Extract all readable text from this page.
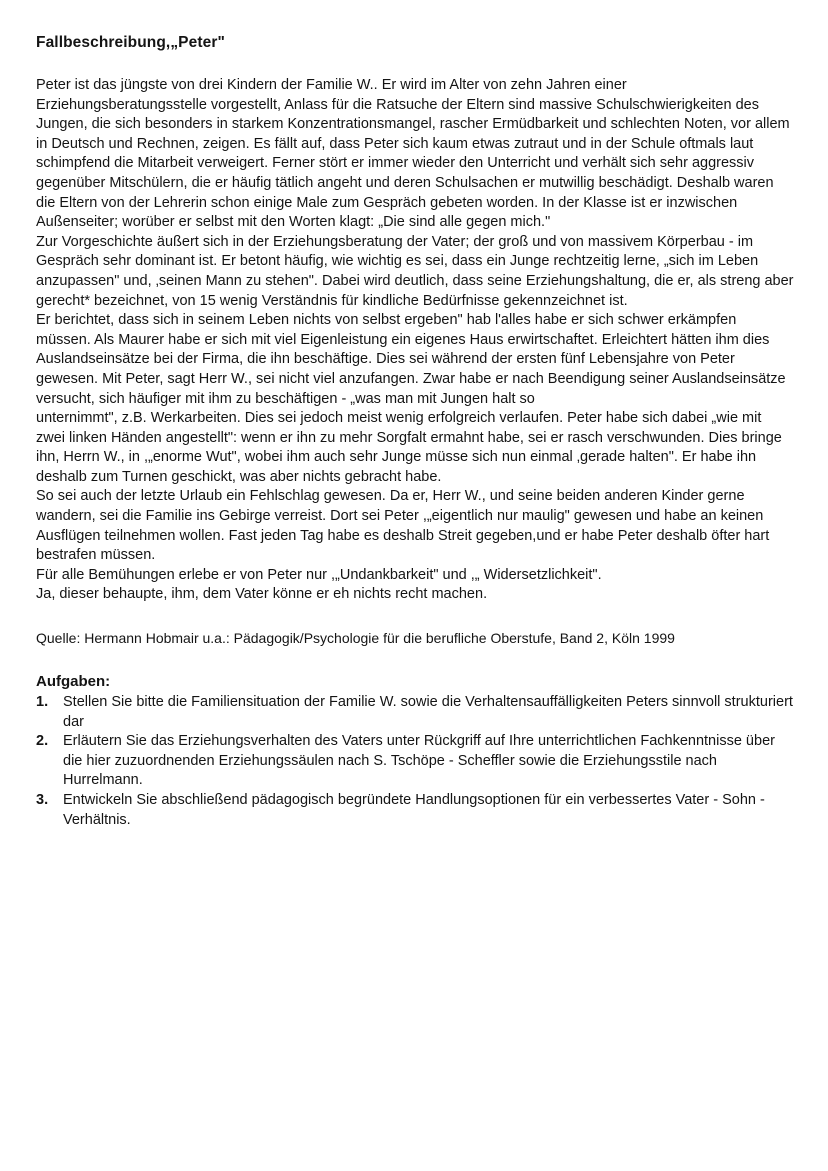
Fallbeschreibung,„Peter"

Peter ist das jüngste von drei Kindern der Familie W.. Er wird im Alter von zehn Jahren einer Erziehungsberatungsstelle vorgestellt, Anlass für die Ratsuche der Eltern sind massive Schulschwierigkeiten des Jungen, die sich besonders in starkem Konzentrationsmangel, rascher Ermüdbarkeit und schlechten Noten, vor allem in Deutsch und Rechnen, zeigen. Es fällt auf, dass Peter sich kaum etwas zutraut und in der Schule oftmals laut schimpfend die Mitarbeit verweigert. Ferner stört er immer wieder den Unterricht und verhält sich sehr aggressiv gegenüber Mitschülern, die er häufig tätlich angeht und deren Schulsachen er mutwillig beschädigt. Deshalb waren die Eltern von der Lehrerin schon einige Male zum Gespräch gebeten worden. In der Klasse ist er inzwischen Außenseiter; worüber er selbst mit den Worten klagt: „Die sind alle gegen mich."

Zur Vorgeschichte äußert sich in der Erziehungsberatung der Vater; der groß und von massivem Körperbau - im Gespräch sehr dominant ist. Er betont häufig, wie wichtig es sei, dass ein Junge rechtzeitig lerne, „sich im Leben anzupassen" und, ‚seinen Mann zu stehen". Dabei wird deutlich, dass seine Erziehungshaltung, die er, als streng aber gerecht* bezeichnet, von 15 wenig Verständnis für kindliche Bedürfnisse gekennzeichnet ist.

Er berichtet, dass sich in seinem Leben nichts von selbst ergeben" hab l'alles habe er sich schwer erkämpfen müssen. Als Maurer habe er sich mit viel Eigenleistung ein eigenes Haus erwirtschaftet. Erleichtert hätten ihm dies Auslandseinsätze bei der Firma, die ihn beschäftige. Dies sei während der ersten fünf Lebensjahre von Peter gewesen. Mit Peter, sagt Herr W., sei nicht viel anzufangen. Zwar habe er nach Beendigung seiner Auslandseinsätze versucht, sich häufiger mit ihm zu beschäftigen - „was man mit Jungen halt so

unternimmt", z.B. Werkarbeiten. Dies sei jedoch meist wenig erfolgreich verlaufen. Peter habe sich dabei „wie mit zwei linken Händen angestellt": wenn er ihn zu mehr Sorgfalt ermahnt habe, sei er rasch verschwunden. Dies bringe ihn, Herrn W., in ,„enorme Wut", wobei ihm auch sehr Junge müsse sich nun einmal ‚gerade halten". Er habe ihn deshalb zum Turnen geschickt, was aber nichts gebracht habe.

So sei auch der letzte Urlaub ein Fehlschlag gewesen. Da er, Herr W., und seine beiden anderen Kinder gerne wandern, sei die Familie ins Gebirge verreist. Dort sei Peter ,„eigentlich nur maulig" gewesen und habe an keinen Ausflügen teilnehmen wollen. Fast jeden Tag habe es deshalb Streit gegeben,und er habe Peter deshalb öfter hart bestrafen müssen.

Für alle Bemühungen erlebe er von Peter nur ,„Undankbarkeit" und ,„ Widersetzlichkeit".

Ja, dieser behaupte, ihm, dem Vater könne er eh nichts recht machen.

Quelle: Hermann Hobmair u.a.: Pädagogik/Psychologie für die berufliche Oberstufe, Band 2, Köln 1999

Aufgaben:
1.	Stellen Sie bitte die Familiensituation der Familie W. sowie die Verhaltensauffälligkeiten Peters sinnvoll strukturiert dar
2.	Erläutern Sie das Erziehungsverhalten des Vaters unter Rückgriff auf Ihre unterrichtlichen Fachkenntnisse über die hier zuzuordnenden Erziehungssäulen nach S. Tschöpe - Scheffler sowie die Erziehungsstile nach Hurrelmann.
3.	Entwickeln Sie abschließend pädagogisch begründete Handlungsoptionen für ein verbessertes Vater - Sohn - Verhältnis.
